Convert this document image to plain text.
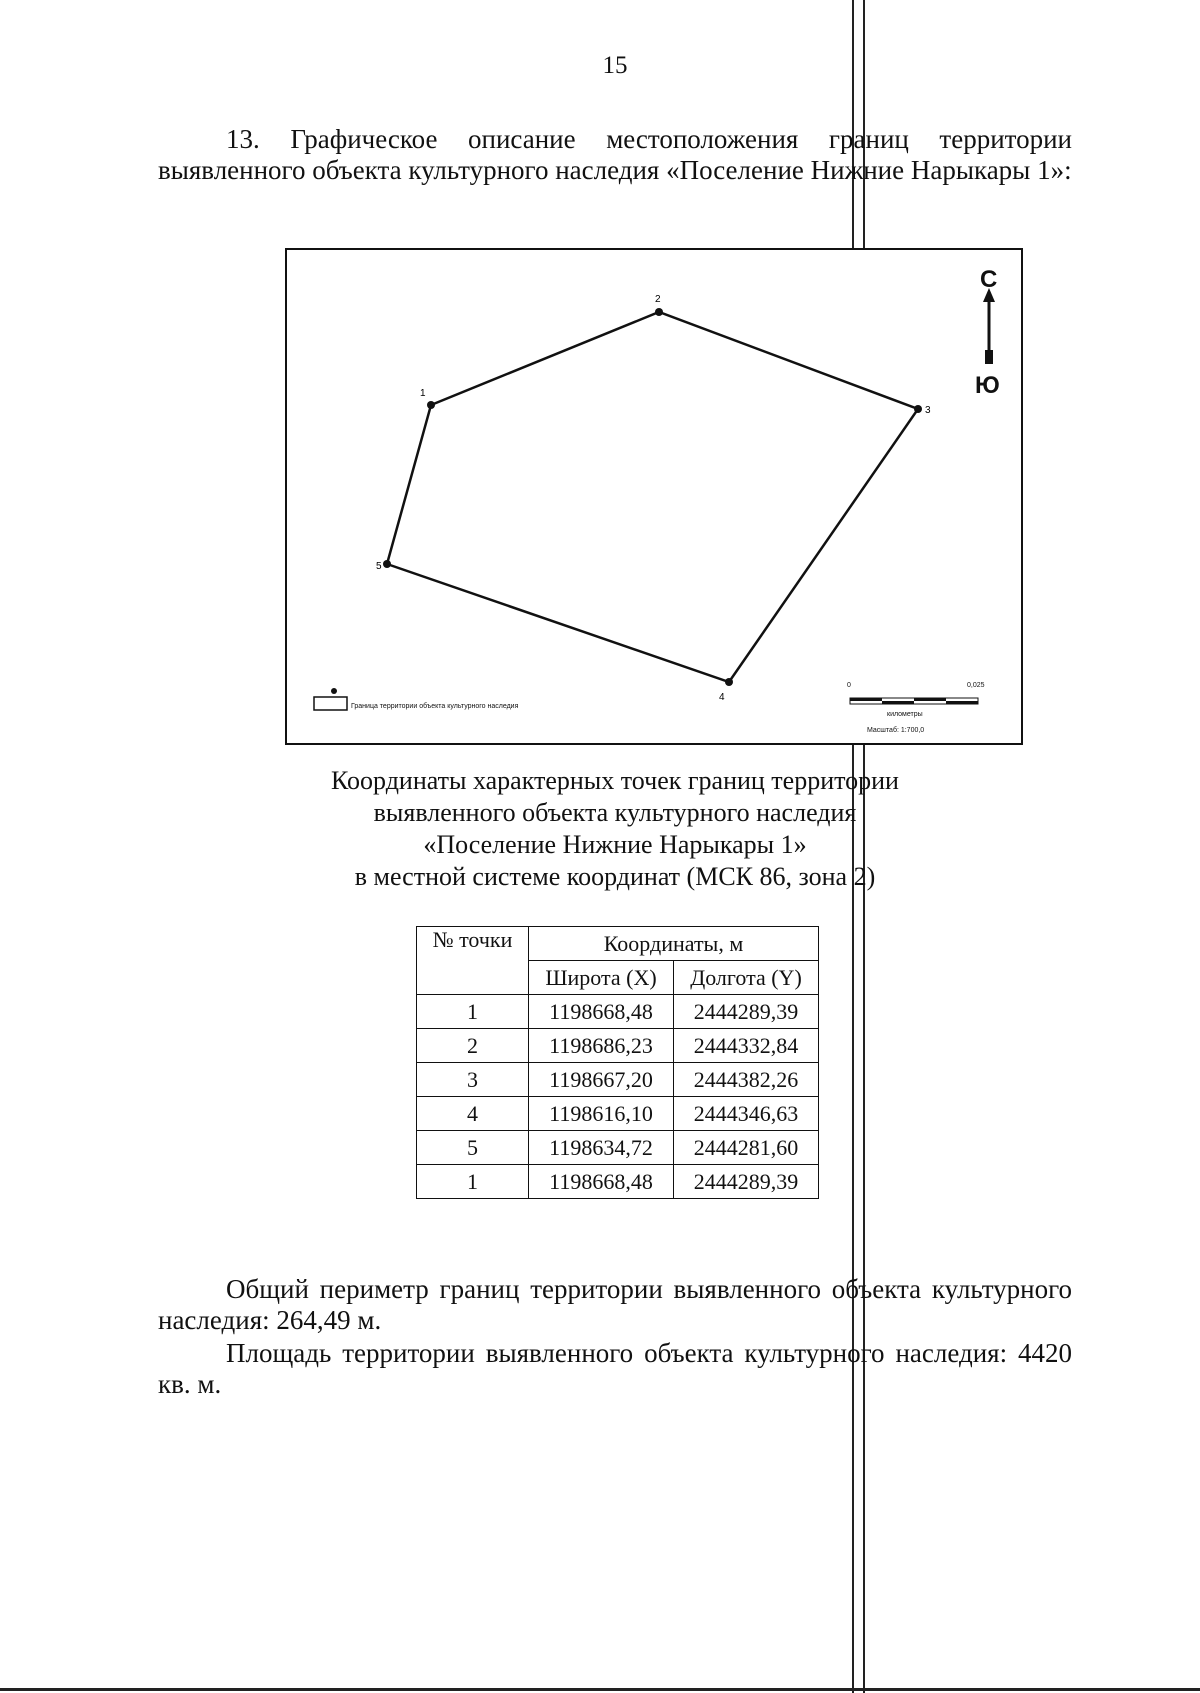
15
13. Графическое описание местоположения границ территории выявленного объекта культурного наследия «Поселение Нижние Нарыкары 1»:
1
2
3
4
5
С
Ю
Граница территории объекта культурного наследия
0	0,025
километры
Масштаб: 1:700,0
Координаты характерных точек границ территории
выявленного объекта культурного наследия
«Поселение Нижние Нарыкары 1»
в местной системе координат (МСК 86, зона 2)
№ точки	Координаты, м	
	Широта (X)	Долгота (Y)
1	1198668,48	2444289,39
2	1198686,23	2444332,84
3	1198667,20	2444382,26
4	1198616,10	2444346,63
5	1198634,72	2444281,60
1	1198668,48	2444289,39
Общий периметр границ территории выявленного объекта культурного наследия: 264,49 м.
Площадь территории выявленного объекта культурного наследия: 4420 кв. м.
